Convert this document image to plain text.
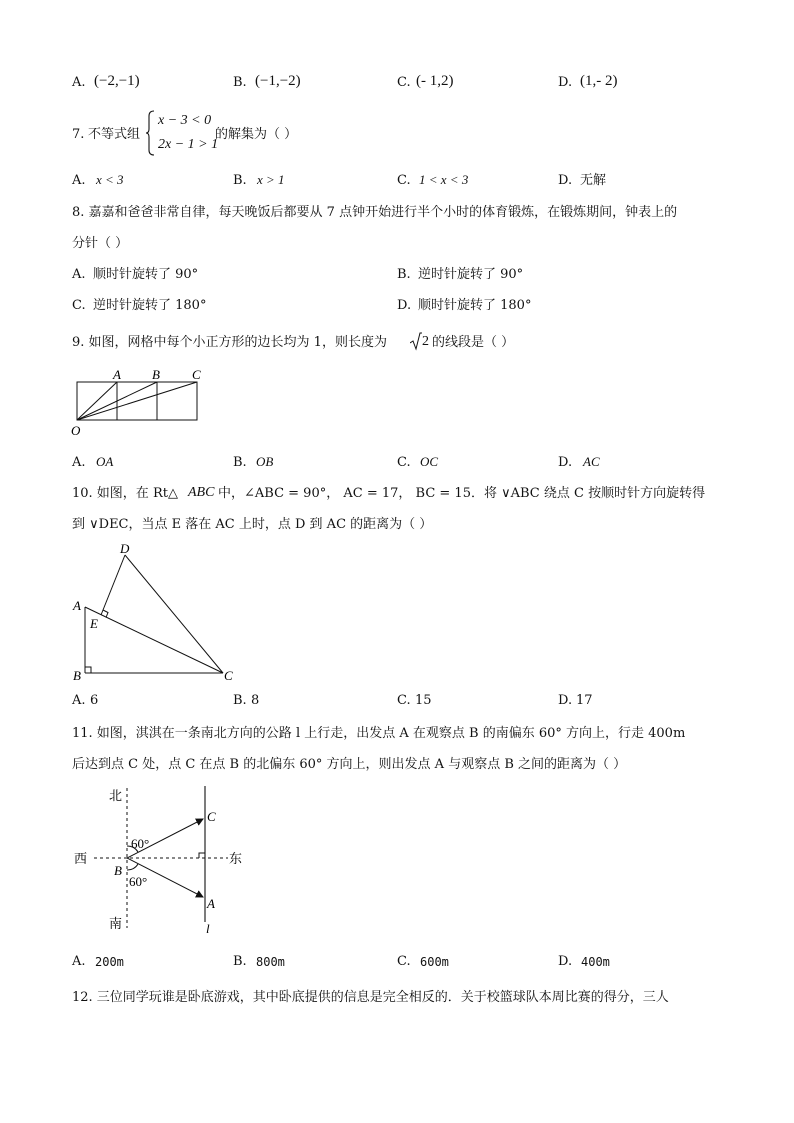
A. (−2,−1)	B. (−1,−2)	C. (- 1,2)	D. (1,- 2)
7. 不等式组
x − 3 < 0
2x − 1 > 1
的解集为（ ）
A. x < 3	B. x > 1	C. 1 < x < 3	D. 无解
8. 嘉嘉和爸爸非常自律，每天晚饭后都要从 7 点钟开始进行半个小时的体育锻炼，在锻炼期间，钟表上的
分针（ ）
A. 顺时针旋转了 90°	B. 逆时针旋转了 90°
C. 逆时针旋转了 180°	D. 顺时针旋转了 180°
9. 如图，网格中每个小正方形的边长均为 1，则长度为	2 的线段是（ ）
A B C
O
A. OA	B. OB	C. OC	D. AC
10. 如图，在 Rt△ ABC 中，∠ABC = 90°， AC = 17， BC = 15．将 ∨ABC 绕点 C 按顺时针方向旋转得
到 ∨DEC，当点 E 落在 AC 上时，点 D 到 AC 的距离为（ ）
D
A
E
B	C
A. 6	B. 8	C. 15	D. 17
11. 如图，淇淇在一条南北方向的公路 l 上行走，出发点 A 在观察点 B 的南偏东 60° 方向上，行走 400m
后达到点 C 处，点 C 在点 B 的北偏东 60° 方向上，则出发点 A 与观察点 B 之间的距离为（ ）
北
南
西	东
60°
60°
B
C
A
l
A. 200m	B. 800m	C. 600m	D. 400m
12. 三位同学玩谁是卧底游戏，其中卧底提供的信息是完全相反的．关于校篮球队本周比赛的得分，三人
